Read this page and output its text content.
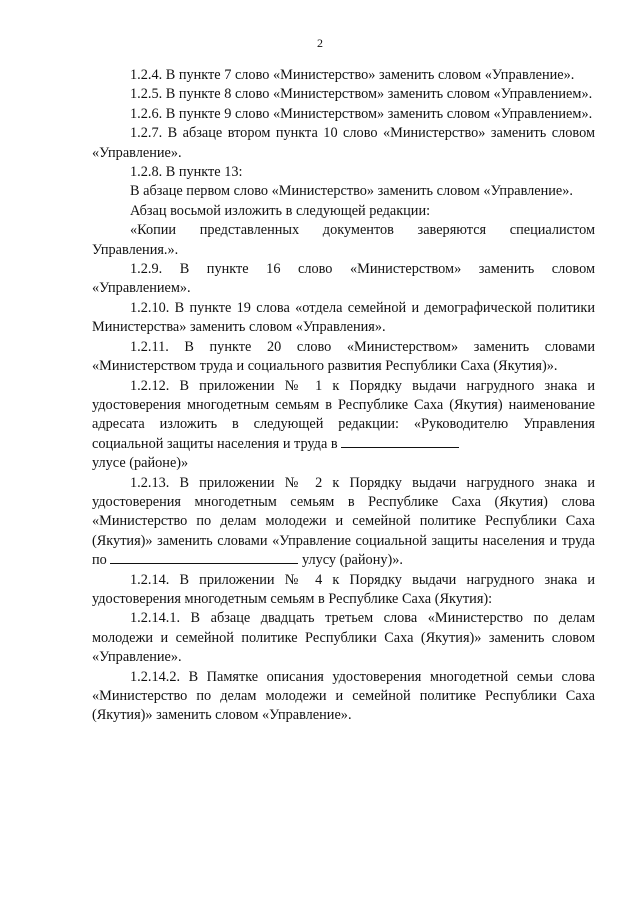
2

1.2.4. В пункте 7 слово «Министерство» заменить словом «Управление».

1.2.5. В пункте 8 слово «Министерством» заменить словом «Управлением».

1.2.6. В пункте 9 слово «Министерством» заменить словом «Управлением».

1.2.7. В абзаце втором пункта 10 слово «Министерство» заменить словом «Управление».

1.2.8. В пункте 13:

В абзаце первом слово «Министерство» заменить словом «Управление».

Абзац восьмой изложить в следующей редакции:

«Копии представленных документов заверяются специалистом Управления.».

1.2.9. В пункте 16 слово «Министерством» заменить словом «Управлением».

1.2.10. В пункте 19 слова «отдела семейной и демографической политики Министерства» заменить словом «Управления».

1.2.11. В пункте 20 слово «Министерством» заменить словами «Министерством труда и социального развития Республики Саха (Якутия)».

1.2.12. В приложении № 1 к Порядку выдачи нагрудного знака и удостоверения многодетным семьям в Республике Саха (Якутия) наименование адресата изложить в следующей редакции: «Руководителю Управления социальной защиты населения и труда в

улусе (районе)»

1.2.13. В приложении № 2 к Порядку выдачи нагрудного знака и удостоверения многодетным семьям в Республике Саха (Якутия) слова «Министерство по делам молодежи и семейной политике Республики Саха (Якутия)» заменить словами «Управление социальной защиты населения и труда по	улусу (району)».

1.2.14. В приложении № 4 к Порядку выдачи нагрудного знака и удостоверения многодетным семьям в Республике Саха (Якутия):

1.2.14.1. В абзаце двадцать третьем слова «Министерство по делам молодежи и семейной политике Республики Саха (Якутия)» заменить словом «Управление».

1.2.14.2. В Памятке описания удостоверения многодетной семьи слова «Министерство по делам молодежи и семейной политике Республики Саха (Якутия)» заменить словом «Управление».
